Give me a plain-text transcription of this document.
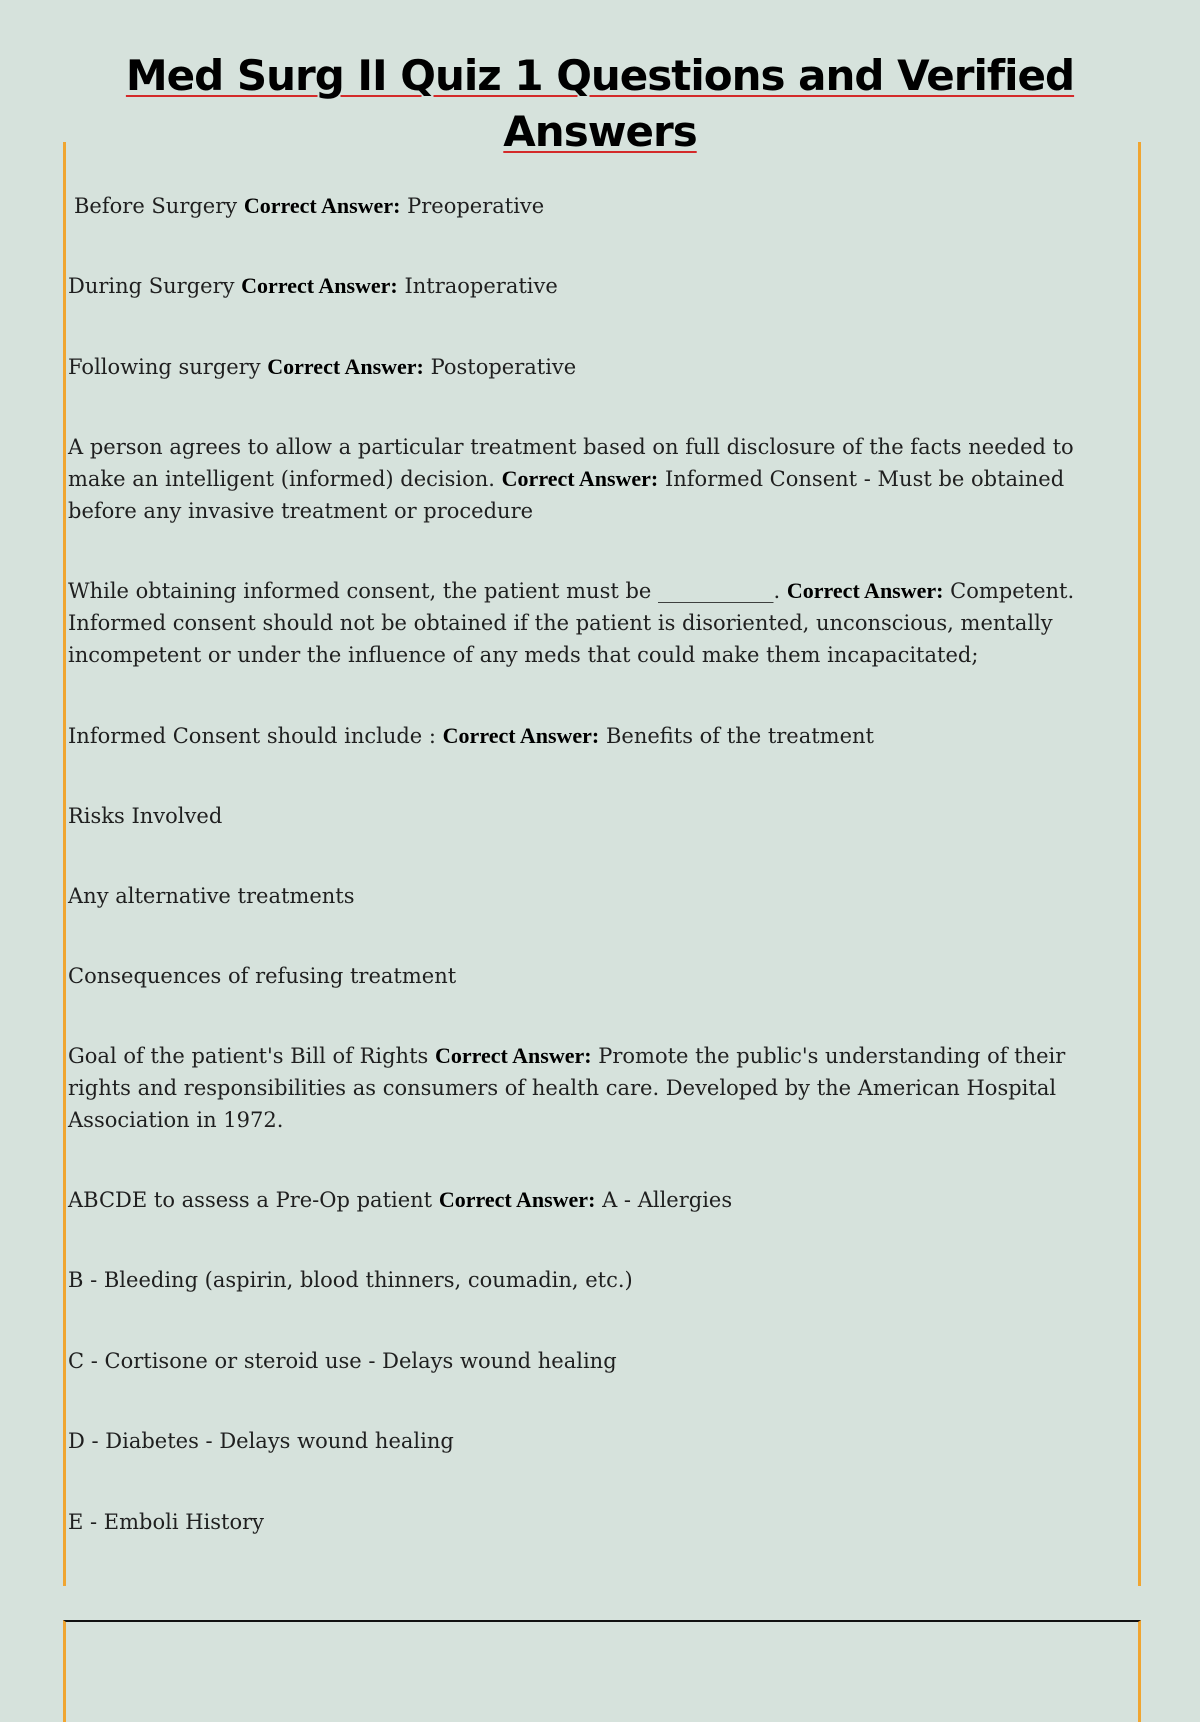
Med Surg II Quiz 1 Questions and Verified
Answers

Before Surgery Correct Answer: Preoperative

During Surgery Correct Answer: Intraoperative

Following surgery Correct Answer: Postoperative

A person agrees to allow a particular treatment based on full disclosure of the facts needed to make an intelligent (informed) decision. Correct Answer: Informed Consent - Must be obtained before any invasive treatment or procedure

While obtaining informed consent, the patient must be ___________. Correct Answer: Competent. Informed consent should not be obtained if the patient is disoriented, unconscious, mentally incompetent or under the influence of any meds that could make them incapacitated;

Informed Consent should include : Correct Answer: Benefits of the treatment

Risks Involved

Any alternative treatments

Consequences of refusing treatment

Goal of the patient's Bill of Rights Correct Answer: Promote the public's understanding of their rights and responsibilities as consumers of health care. Developed by the American Hospital Association in 1972.

ABCDE to assess a Pre-Op patient Correct Answer: A - Allergies

B - Bleeding (aspirin, blood thinners, coumadin, etc.)

C - Cortisone or steroid use - Delays wound healing

D - Diabetes - Delays wound healing

E - Emboli History
